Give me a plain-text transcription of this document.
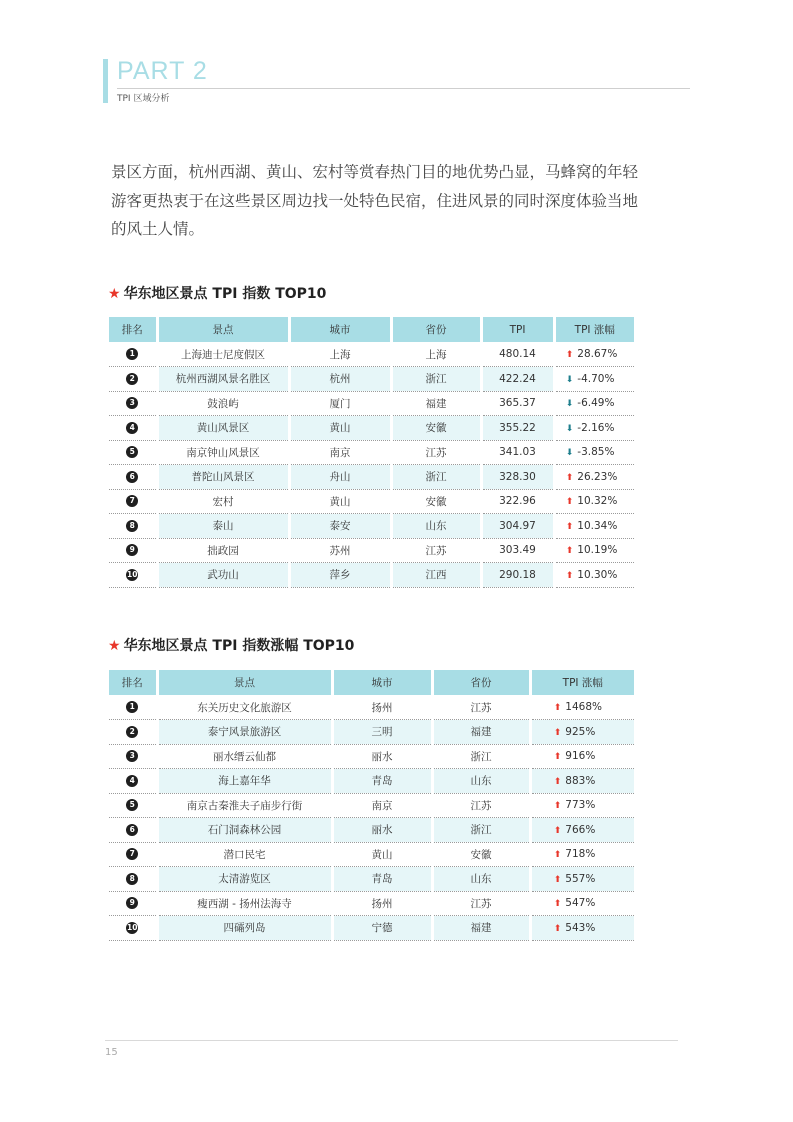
PART 2
TPI 区域分析

景区方面，杭州西湖、黄山、宏村等赏春热门目的地优势凸显，马蜂窝的年轻游客更热衷于在这些景区周边找一处特色民宿，住进风景的同时深度体验当地的风土人情。

★ 华东地区景点 TPI 指数 TOP10
排名	景点	城市	省份	TPI	TPI 涨幅
1	上海迪士尼度假区	上海	上海	480.14	⬆ 28.67%
2	杭州西湖风景名胜区	杭州	浙江	422.24	⬇ -4.70%
3	鼓浪屿	厦门	福建	365.37	⬇ -6.49%
4	黄山风景区	黄山	安徽	355.22	⬇ -2.16%
5	南京钟山风景区	南京	江苏	341.03	⬇ -3.85%
6	普陀山风景区	舟山	浙江	328.30	⬆ 26.23%
7	宏村	黄山	安徽	322.96	⬆ 10.32%
8	泰山	泰安	山东	304.97	⬆ 10.34%
9	拙政园	苏州	江苏	303.49	⬆ 10.19%
10	武功山	萍乡	江西	290.18	⬆ 10.30%
★ 华东地区景点 TPI 指数涨幅 TOP10
排名	景点	城市	省份	TPI 涨幅
1	东关历史文化旅游区	扬州	江苏	⬆ 1468%
2	泰宁风景旅游区	三明	福建	⬆ 925%
3	丽水缙云仙都	丽水	浙江	⬆ 916%
4	海上嘉年华	青岛	山东	⬆ 883%
5	南京古秦淮夫子庙步行街	南京	江苏	⬆ 773%
6	石门洞森林公园	丽水	浙江	⬆ 766%
7	潜口民宅	黄山	安徽	⬆ 718%
8	太清游览区	青岛	山东	⬆ 557%
9	瘦西湖 - 扬州法海寺	扬州	江苏	⬆ 547%
10	四礵列岛	宁德	福建	⬆ 543%
15
